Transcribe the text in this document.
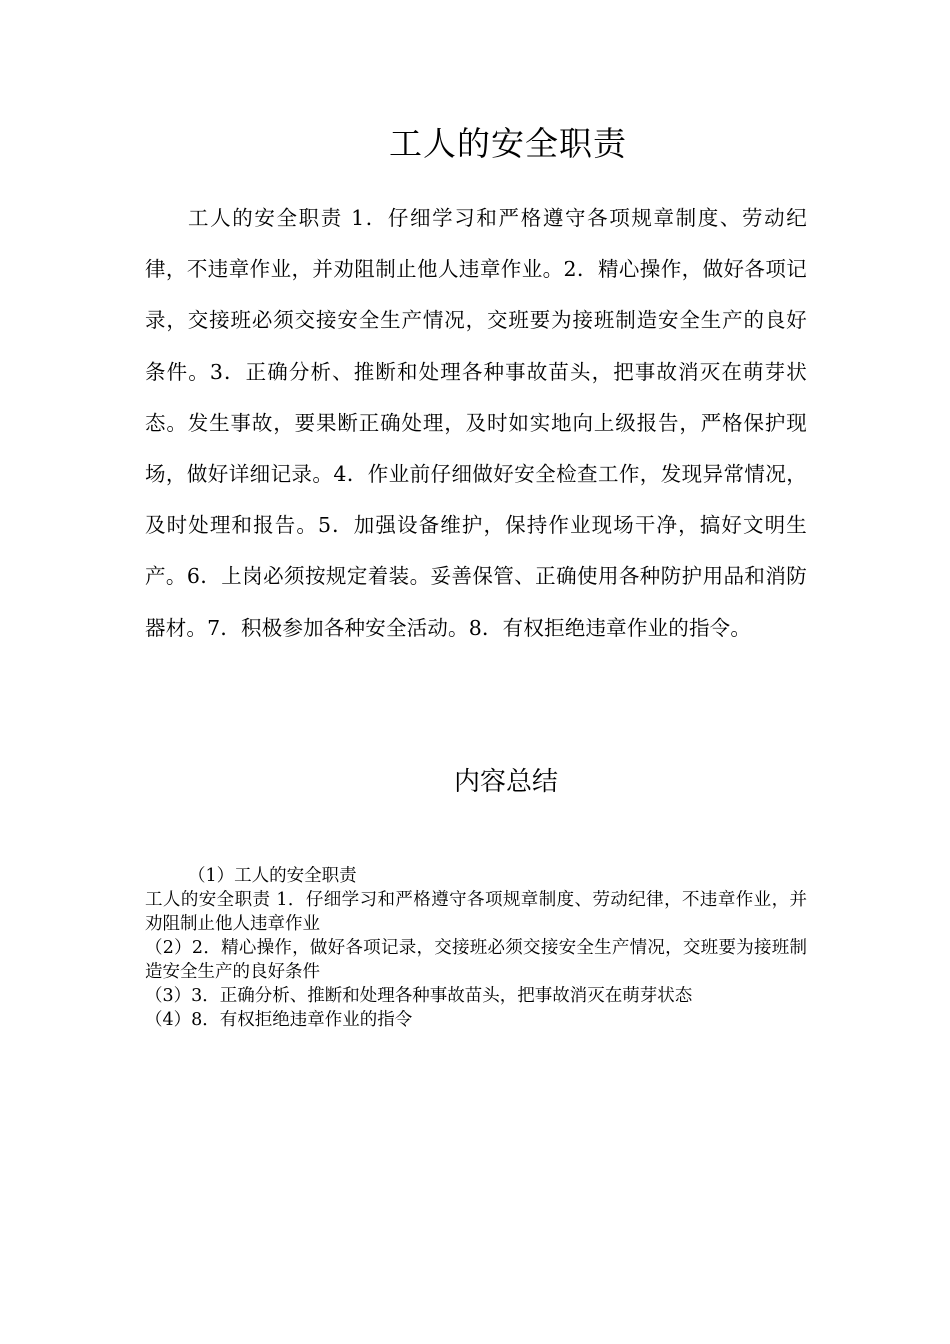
工人的安全职责

工人的安全职责 1．仔细学习和严格遵守各项规章制度、劳动纪律，不违章作业，并劝阻制止他人违章作业。2．精心操作，做好各项记录，交接班必须交接安全生产情况，交班要为接班制造安全生产的良好条件。3．正确分析、推断和处理各种事故苗头，把事故消灭在萌芽状态。发生事故，要果断正确处理，及时如实地向上级报告，严格保护现场，做好详细记录。4．作业前仔细做好安全检查工作，发现异常情况，及时处理和报告。5．加强设备维护，保持作业现场干净，搞好文明生产。6．上岗必须按规定着装。妥善保管、正确使用各种防护用品和消防器材。7．积极参加各种安全活动。8．有权拒绝违章作业的指令。

内容总结

（1）工人的安全职责

工人的安全职责 1．仔细学习和严格遵守各项规章制度、劳动纪律，不违章作业，并劝阻制止他人违章作业

（2）2．精心操作，做好各项记录，交接班必须交接安全生产情况，交班要为接班制造安全生产的良好条件

（3）3．正确分析、推断和处理各种事故苗头，把事故消灭在萌芽状态

（4）8．有权拒绝违章作业的指令
